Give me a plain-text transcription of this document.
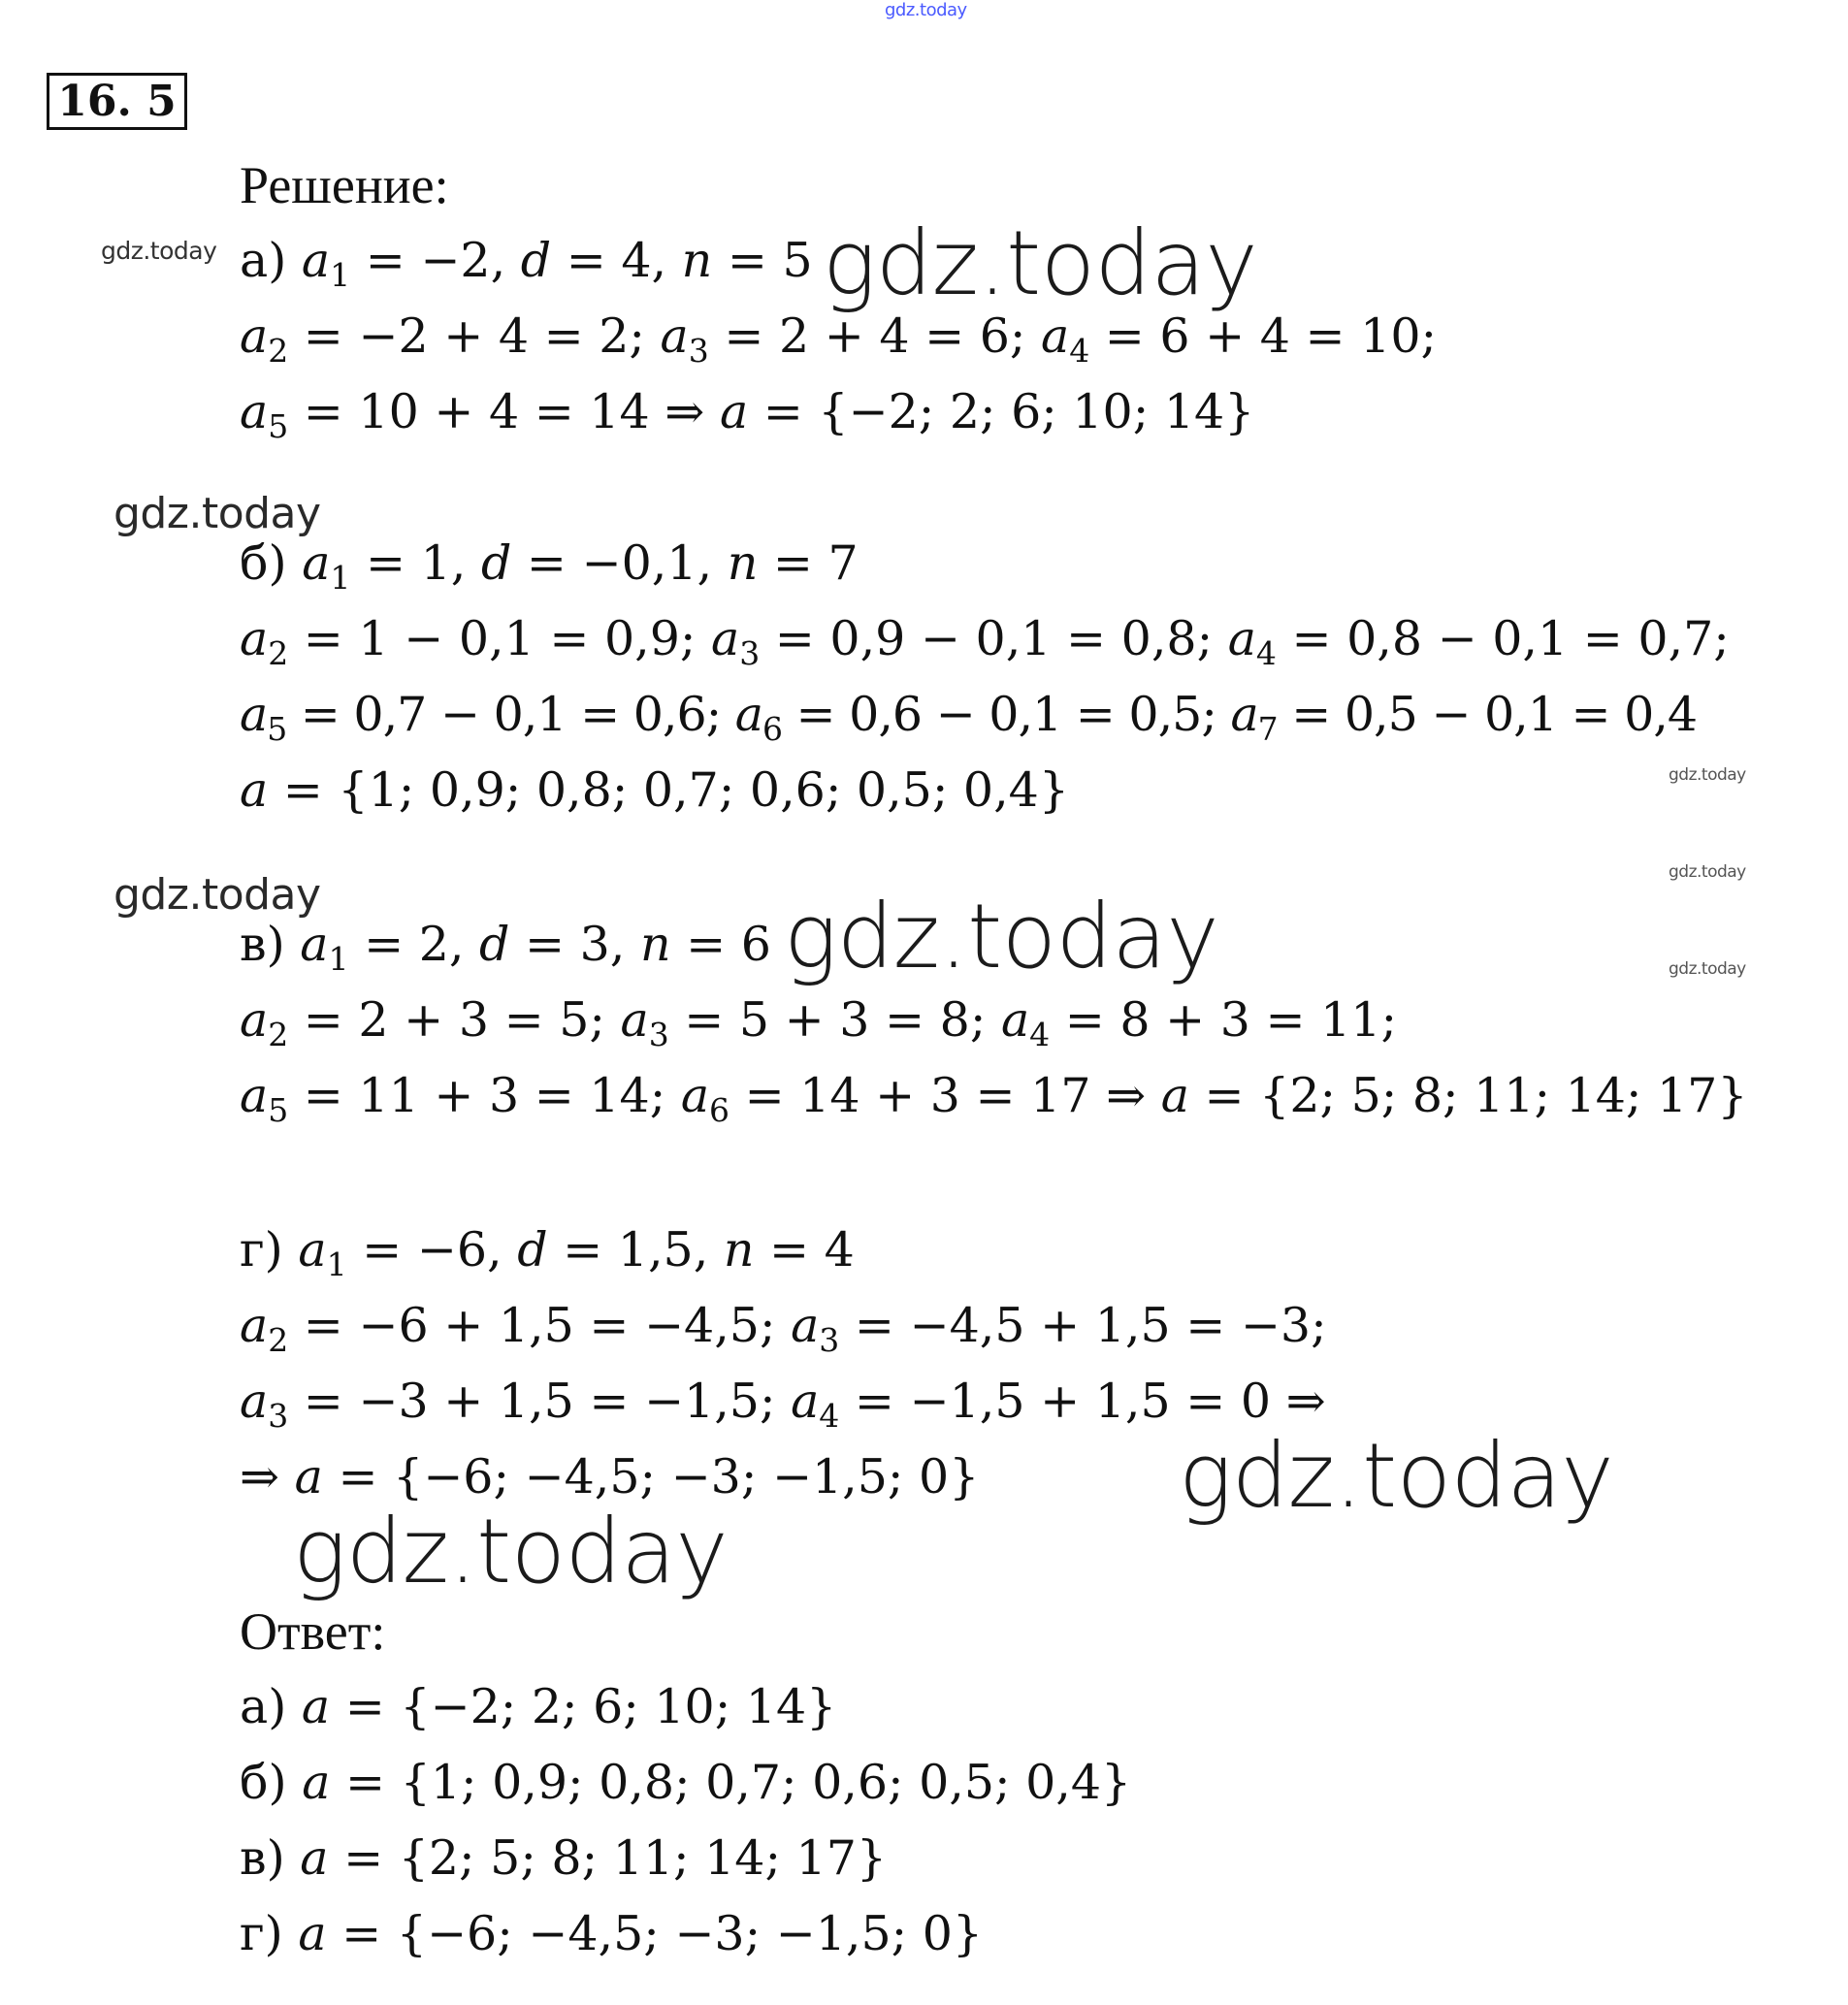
gdz.today
gdz.today	gdz.today
gdz.today
gdz.today
gdz.today
gdz.today
gdz.today	gdz.today
gdz.today
gdz.today
16. 5
Решение:
а) $a_1 = -2$, d = 4, n = 5
$a_2 = -2 + 4 = 2$; $a_3 = 2 + 4 = 6$; $a_4 = 6 + 4 = 10$;
$a_5 = 10 + 4 = 14$ ⇒ a = {−2; 2; 6; 10; 14}
б) $a_1 = 1$, d = −0,1, n = 7
$a_2 = 1 - 0,1 = 0,9$; $a_3 = 0,9 - 0,1 = 0,8$; $a_4 = 0,8 - 0,1 = 0,7$;
$a_5 = 0,7 - 0,1 = 0,6$; $a_6 = 0,6 - 0,1 = 0,5$; $a_7 = 0,5 - 0,1 = 0,4$
a = {1; 0,9; 0,8; 0,7; 0,6; 0,5; 0,4}
в) $a_1 = 2$, d = 3, n = 6
$a_2 = 2 + 3 = 5$; $a_3 = 5 + 3 = 8$; $a_4 = 8 + 3 = 11$;
$a_5 = 11 + 3 = 14$; $a_6 = 14 + 3 = 17$ ⇒ a = {2; 5; 8; 11; 14; 17}
г) $a_1 = -6$, d = 1,5, n = 4
$a_2 = -6 + 1,5 = -4,5$; $a_3 = -4,5 + 1,5 = -3$;
$a_3 = -3 + 1,5 = -1,5$; $a_4 = -1,5 + 1,5 = 0$ ⇒
⇒ a = {−6; −4,5; −3; −1,5; 0}
Ответ:
а) a = {−2; 2; 6; 10; 14}
б) a = {1; 0,9; 0,8; 0,7; 0,6; 0,5; 0,4}
в) a = {2; 5; 8; 11; 14; 17}
г) a = {−6; −4,5; −3; −1,5; 0}
